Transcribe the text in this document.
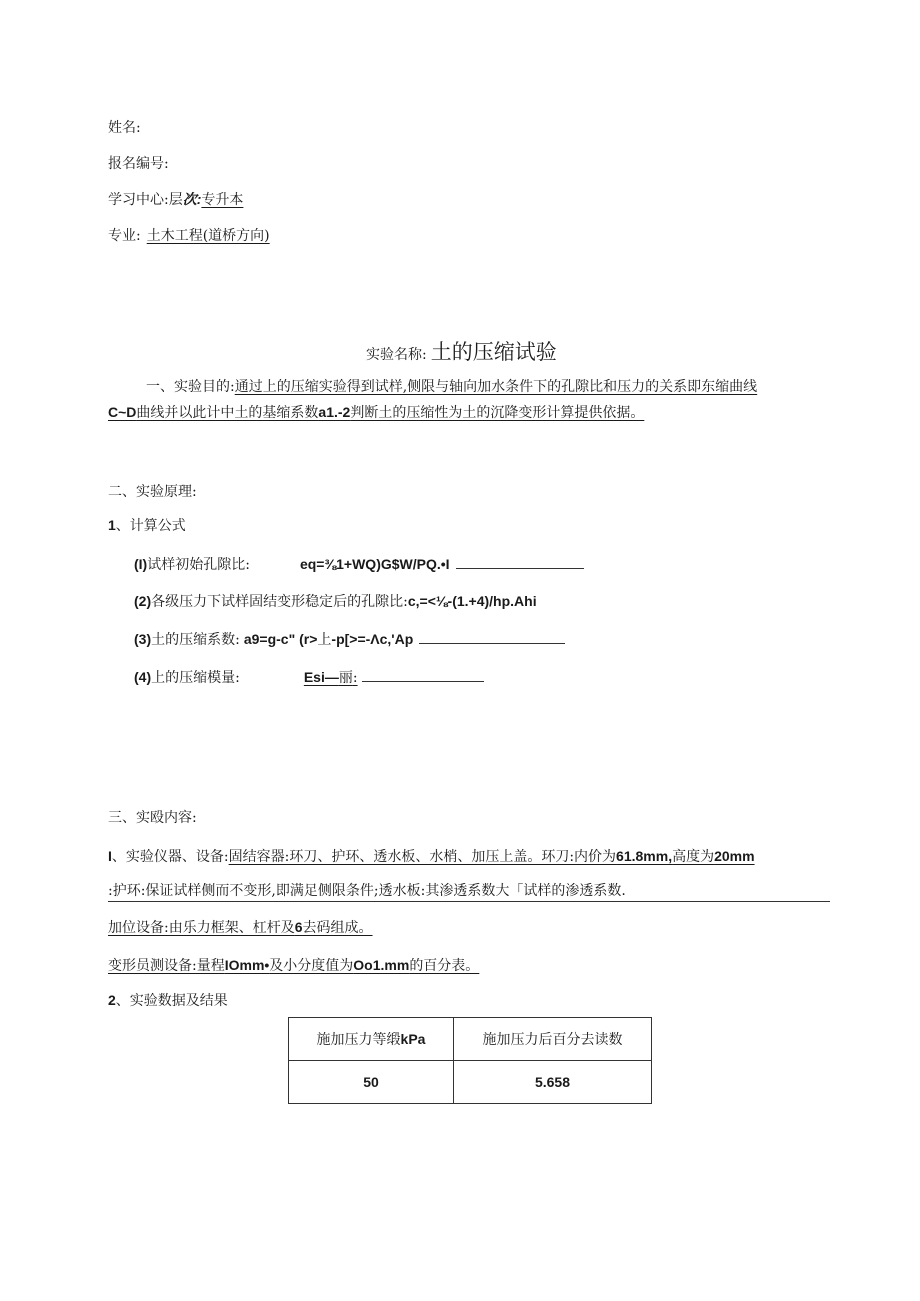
姓名:
报名编号:
学习中心:层次:专升本
专业: 土木工程(道桥方向)
实验名称: 土的压缩试验
一、实验目的:通过上的压缩实验得到试样,侧限与轴向加水条件下的孔隙比和压力的关系即东缩曲线
C~D曲线并以此计中土的基缩系数a1.-2判断土的压缩性为土的沉降变形计算提供依据。
二、实验原理:
1、计算公式
(I)试样初始孔隙比:	eq=⅜1+WQ)G$W/PQ.•I
(2)各级压力下试样固结变形稳定后的孔隙比:c,=<⅛-(1.+4)/hp.Ahi
(3)土的压缩系数: a9=g-c" (r>上-p[>=-Λc,'Ap
(4)上的压缩模量:	Esi—丽:
三、实殴内容:
I、实验仪器、设备:固结容器:环刀、护环、透水板、水梢、加压上盖。环刀:内价为61.8mm,高度为20mm
:护环:保证试样侧而不变形,即满足侧限条件;透水板:其渗透系数大「试样的渗透系数.
加位设备:由乐力框架、杠杆及6去码组成。
变形员测设备:量程IOmm•及小分度值为Oo1.mm的百分表。
2、实验数据及结果
施加压力等缎kPa	施加压力后百分去读数
50	5.658
